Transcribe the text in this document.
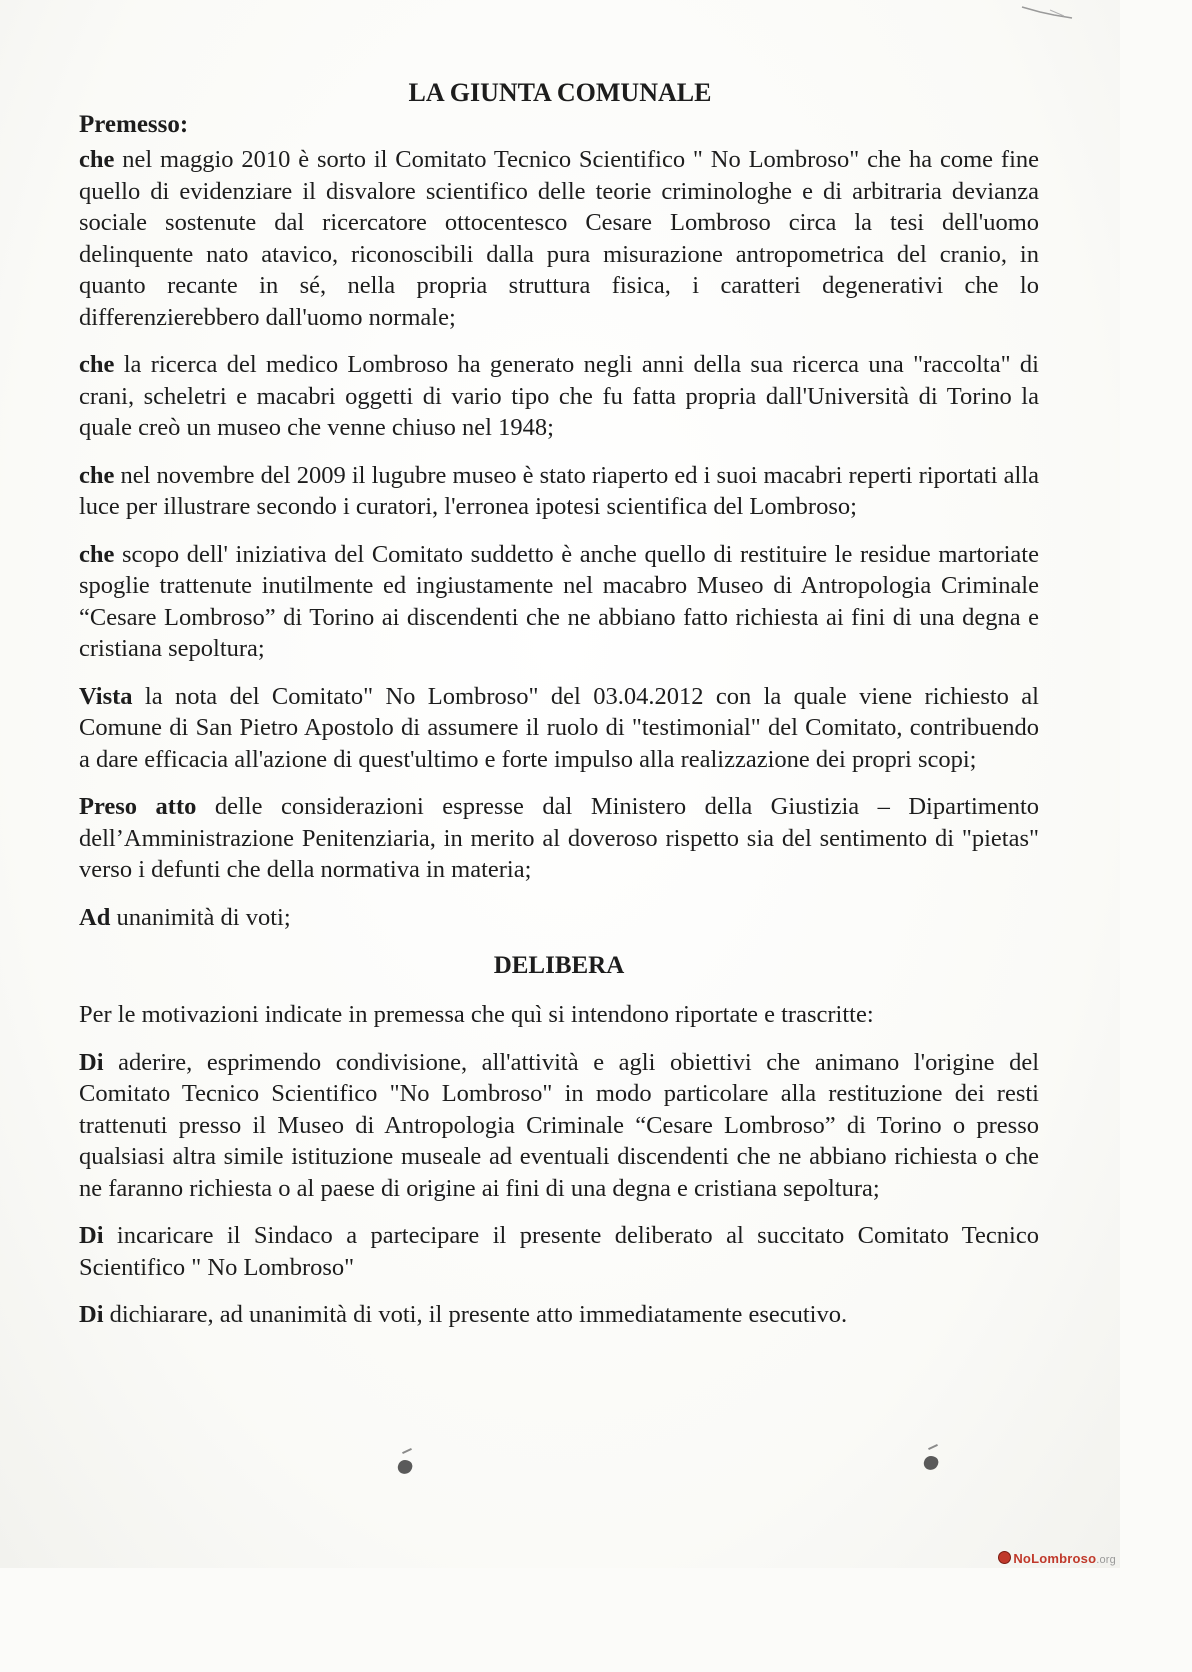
LA GIUNTA COMUNALE
Premesso:

che nel maggio 2010 è sorto il Comitato Tecnico Scientifico " No Lombroso" che ha come fine quello di evidenziare il disvalore scientifico delle teorie criminologhe e di arbitraria devianza sociale sostenute dal ricercatore ottocentesco Cesare Lombroso circa la tesi dell'uomo delinquente nato atavico, riconoscibili dalla pura misurazione antropometrica del cranio, in quanto recante in sé, nella propria struttura fisica, i caratteri degenerativi che lo differenzierebbero dall'uomo normale;

che la ricerca del medico Lombroso ha generato negli anni della sua ricerca una "raccolta" di crani, scheletri e macabri oggetti di vario tipo che fu fatta propria dall'Università di Torino la quale creò un museo che venne chiuso nel 1948;

che nel novembre del 2009 il lugubre museo è stato riaperto ed i suoi macabri reperti riportati alla luce per illustrare secondo i curatori, l'erronea ipotesi scientifica del Lombroso;

che scopo dell' iniziativa del Comitato suddetto è anche quello di restituire le residue martoriate spoglie trattenute inutilmente ed ingiustamente nel macabro Museo di Antropologia Criminale “Cesare Lombroso” di Torino ai discendenti che ne abbiano fatto richiesta ai fini di una degna e cristiana sepoltura;

Vista la nota del Comitato" No Lombroso" del 03.04.2012 con la quale viene richiesto al Comune di San Pietro Apostolo di assumere il ruolo di "testimonial" del Comitato, contribuendo a dare efficacia all'azione di quest'ultimo e forte impulso alla realizzazione dei propri scopi;

Preso atto delle considerazioni espresse dal Ministero della Giustizia – Dipartimento dell’Amministrazione Penitenziaria, in merito al doveroso rispetto sia del sentimento di "pietas" verso i defunti che della normativa in materia;

Ad unanimità di voti;

DELIBERA

Per le motivazioni indicate in premessa che quì si intendono riportate e trascritte:

Di aderire, esprimendo condivisione, all'attività e agli obiettivi che animano l'origine del Comitato Tecnico Scientifico "No Lombroso" in modo particolare alla restituzione dei resti trattenuti presso il Museo di Antropologia Criminale “Cesare Lombroso” di Torino o presso qualsiasi altra simile istituzione museale ad eventuali discendenti che ne abbiano richiesta o che ne faranno richiesta o al paese di origine ai fini di una degna e cristiana sepoltura;

Di incaricare il Sindaco a partecipare il presente deliberato al succitato Comitato Tecnico Scientifico " No Lombroso"

Di dichiarare, ad unanimità di voti, il presente atto immediatamente esecutivo.

NoLombroso.org
